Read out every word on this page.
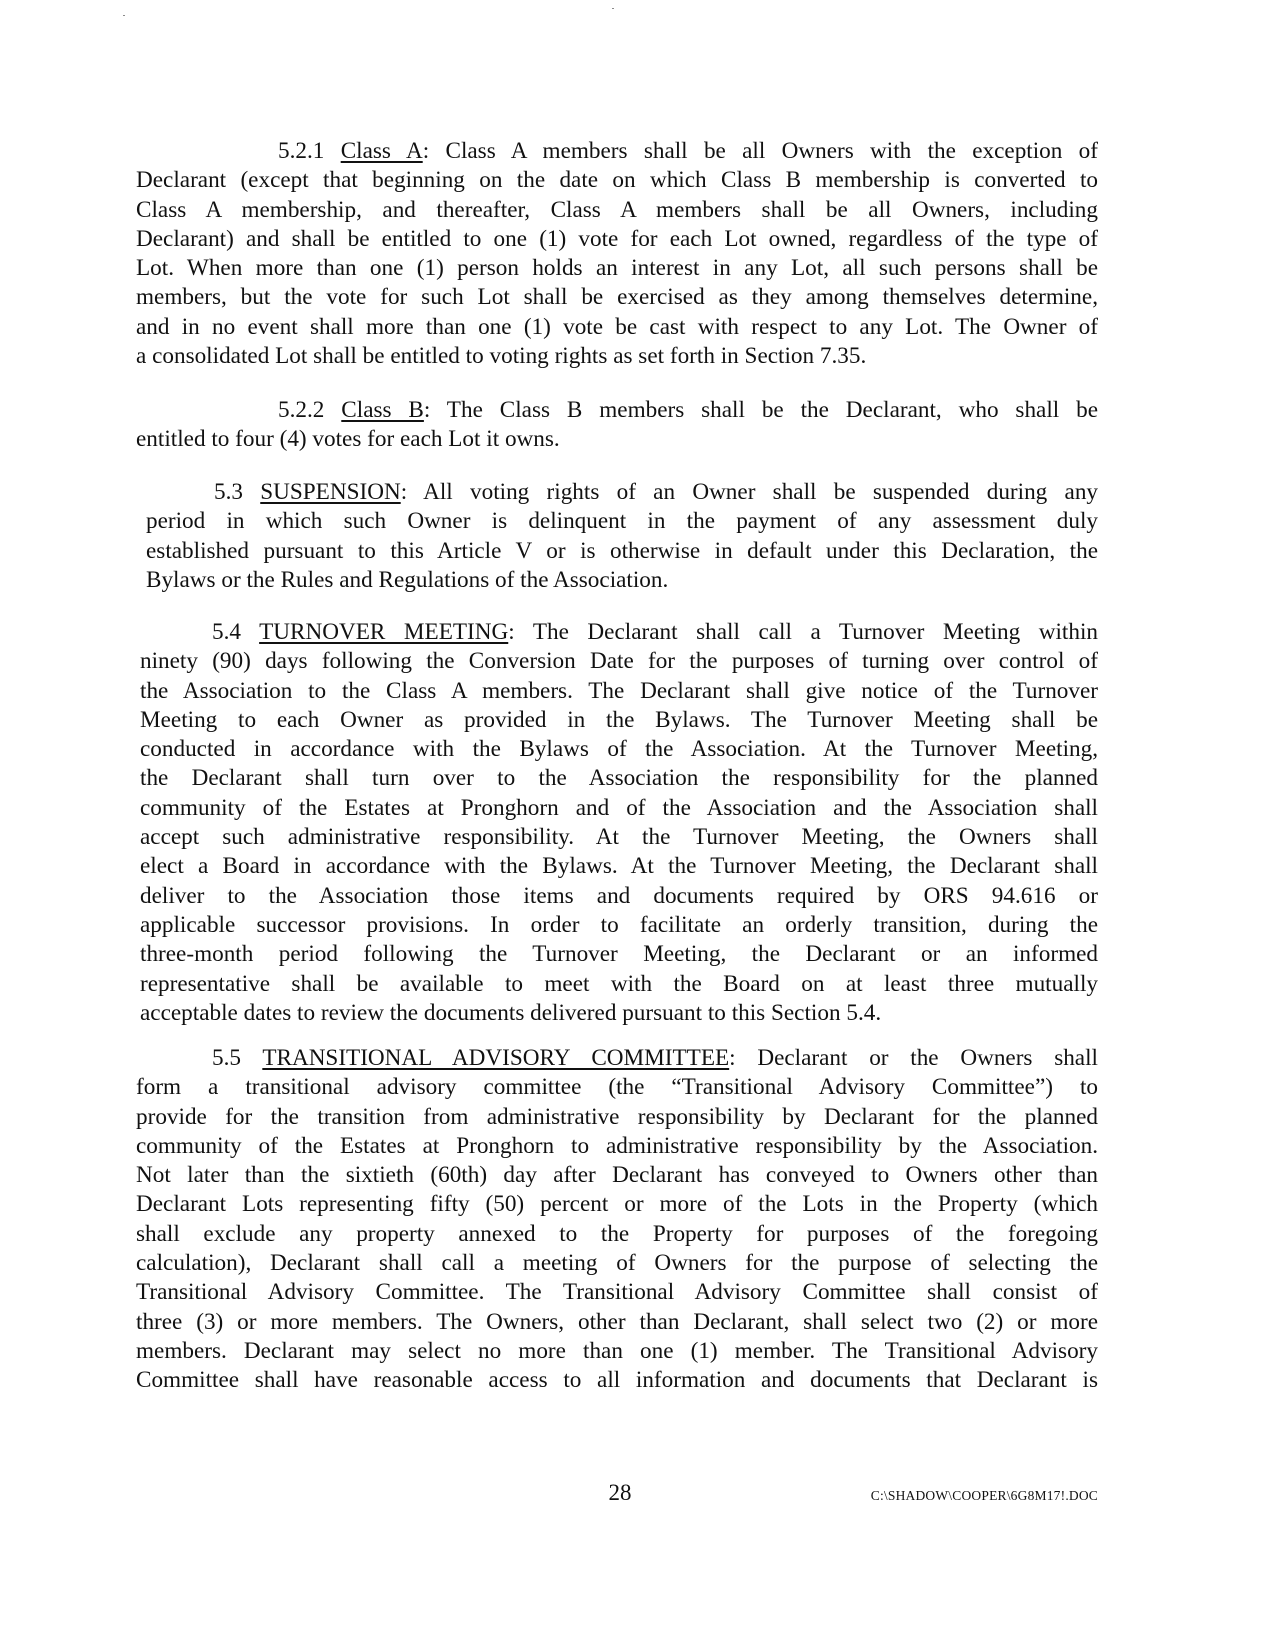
5.2.1 Class A: Class A members shall be all Owners with the exception of
Declarant (except that beginning on the date on which Class B membership is converted to
Class A membership, and thereafter, Class A members shall be all Owners, including
Declarant) and shall be entitled to one (1) vote for each Lot owned, regardless of the type of
Lot. When more than one (1) person holds an interest in any Lot, all such persons shall be
members, but the vote for such Lot shall be exercised as they among themselves determine,
and in no event shall more than one (1) vote be cast with respect to any Lot. The Owner of
a consolidated Lot shall be entitled to voting rights as set forth in Section 7.35.
5.2.2 Class B: The Class B members shall be the Declarant, who shall be
entitled to four (4) votes for each Lot it owns.
5.3 SUSPENSION: All voting rights of an Owner shall be suspended during any
period in which such Owner is delinquent in the payment of any assessment duly
established pursuant to this Article V or is otherwise in default under this Declaration, the
Bylaws or the Rules and Regulations of the Association.
5.4 TURNOVER MEETING: The Declarant shall call a Turnover Meeting within
ninety (90) days following the Conversion Date for the purposes of turning over control of
the Association to the Class A members. The Declarant shall give notice of the Turnover
Meeting to each Owner as provided in the Bylaws. The Turnover Meeting shall be
conducted in accordance with the Bylaws of the Association. At the Turnover Meeting,
the Declarant shall turn over to the Association the responsibility for the planned
community of the Estates at Pronghorn and of the Association and the Association shall
accept such administrative responsibility. At the Turnover Meeting, the Owners shall
elect a Board in accordance with the Bylaws. At the Turnover Meeting, the Declarant shall
deliver to the Association those items and documents required by ORS 94.616 or
applicable successor provisions. In order to facilitate an orderly transition, during the
three-month period following the Turnover Meeting, the Declarant or an informed
representative shall be available to meet with the Board on at least three mutually
acceptable dates to review the documents delivered pursuant to this Section 5.4.
5.5 TRANSITIONAL ADVISORY COMMITTEE: Declarant or the Owners shall
form a transitional advisory committee (the “Transitional Advisory Committee”) to
provide for the transition from administrative responsibility by Declarant for the planned
community of the Estates at Pronghorn to administrative responsibility by the Association.
Not later than the sixtieth (60th) day after Declarant has conveyed to Owners other than
Declarant Lots representing fifty (50) percent or more of the Lots in the Property (which
shall exclude any property annexed to the Property for purposes of the foregoing
calculation), Declarant shall call a meeting of Owners for the purpose of selecting the
Transitional Advisory Committee. The Transitional Advisory Committee shall consist of
three (3) or more members. The Owners, other than Declarant, shall select two (2) or more
members. Declarant may select no more than one (1) member. The Transitional Advisory
Committee shall have reasonable access to all information and documents that Declarant is
28	C:\SHADOW\COOPER\6G8M17!.DOC
